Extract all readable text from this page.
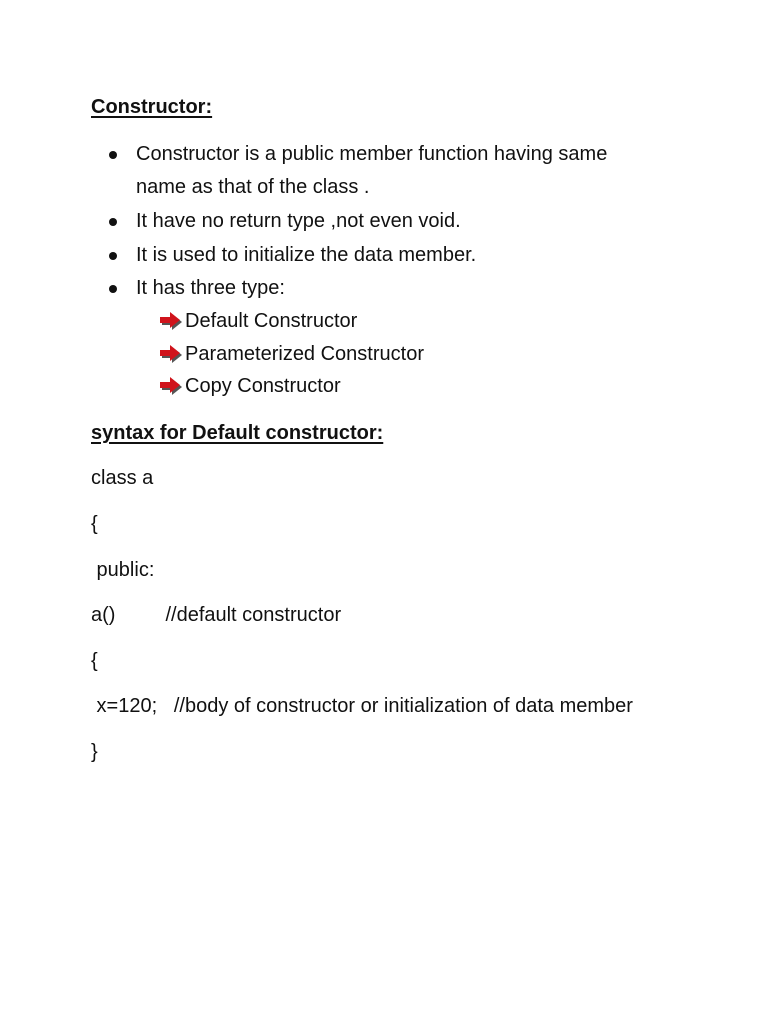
Constructor:
Constructor is a public member function having same
name as that of the class .
It have no return type ,not even void.
It is used to initialize the data member.
It has three type:
Default Constructor
Parameterized Constructor
Copy Constructor
syntax for Default constructor:
class a
{
public:
a()         //default constructor
{
x=120;   //body of constructor or initialization of data member
}
